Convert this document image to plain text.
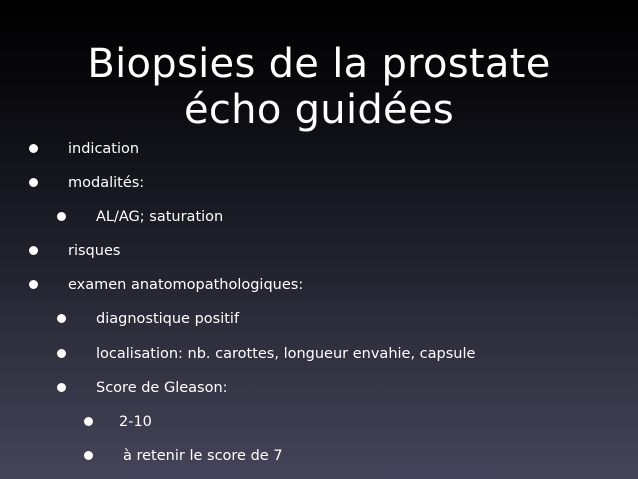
Biopsies de la prostate
écho guidées
indication
modalités:
AL/AG; saturation
risques
examen anatomopathologiques:
diagnostique positif
localisation: nb. carottes, longueur envahie, capsule
Score de Gleason:
2-10
à retenir le score de 7
